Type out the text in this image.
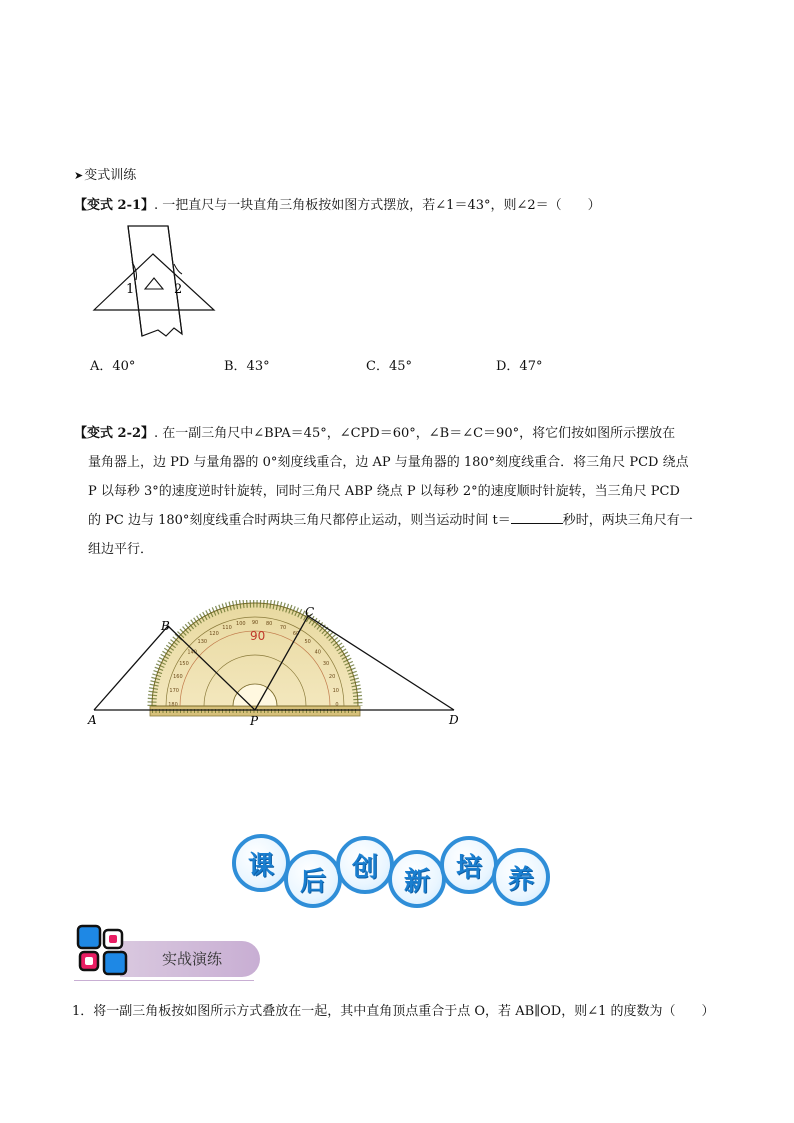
➤变式训练
【变式 2-1】. 一把直尺与一块直角三角板按如图方式摆放，若∠1＝43°，则∠2＝（　　）
1	2
A．40°	B．43°	C．45°	D．47°
【变式 2-2】. 在一副三角尺中∠BPA＝45°，∠CPD＝60°，∠B＝∠C＝90°，将它们按如图所示摆放在
量角器上，边 PD 与量角器的 0°刻度线重合，边 AP 与量角器的 180°刻度线重合．将三角尺 PCD 绕点
P 以每秒 3°的速度逆时针旋转，同时三角尺 ABP 绕点 P 以每秒 2°的速度顺时针旋转，当三角尺 PCD
的 PC 边与 180°刻度线重合时两块三角尺都停止运动，则当运动时间 t＝	秒时，两块三角尺有一
组边平行．
90
0
10
20
30
40
50
60
70
80
90
100
110
120
130
140
150
160
170
180
A
B
C
D
P
课
后 创 新 培 养
实战演练
1．将一副三角板按如图所示方式叠放在一起，其中直角顶点重合于点 O，若 AB∥OD，则∠1 的度数为（　　）
